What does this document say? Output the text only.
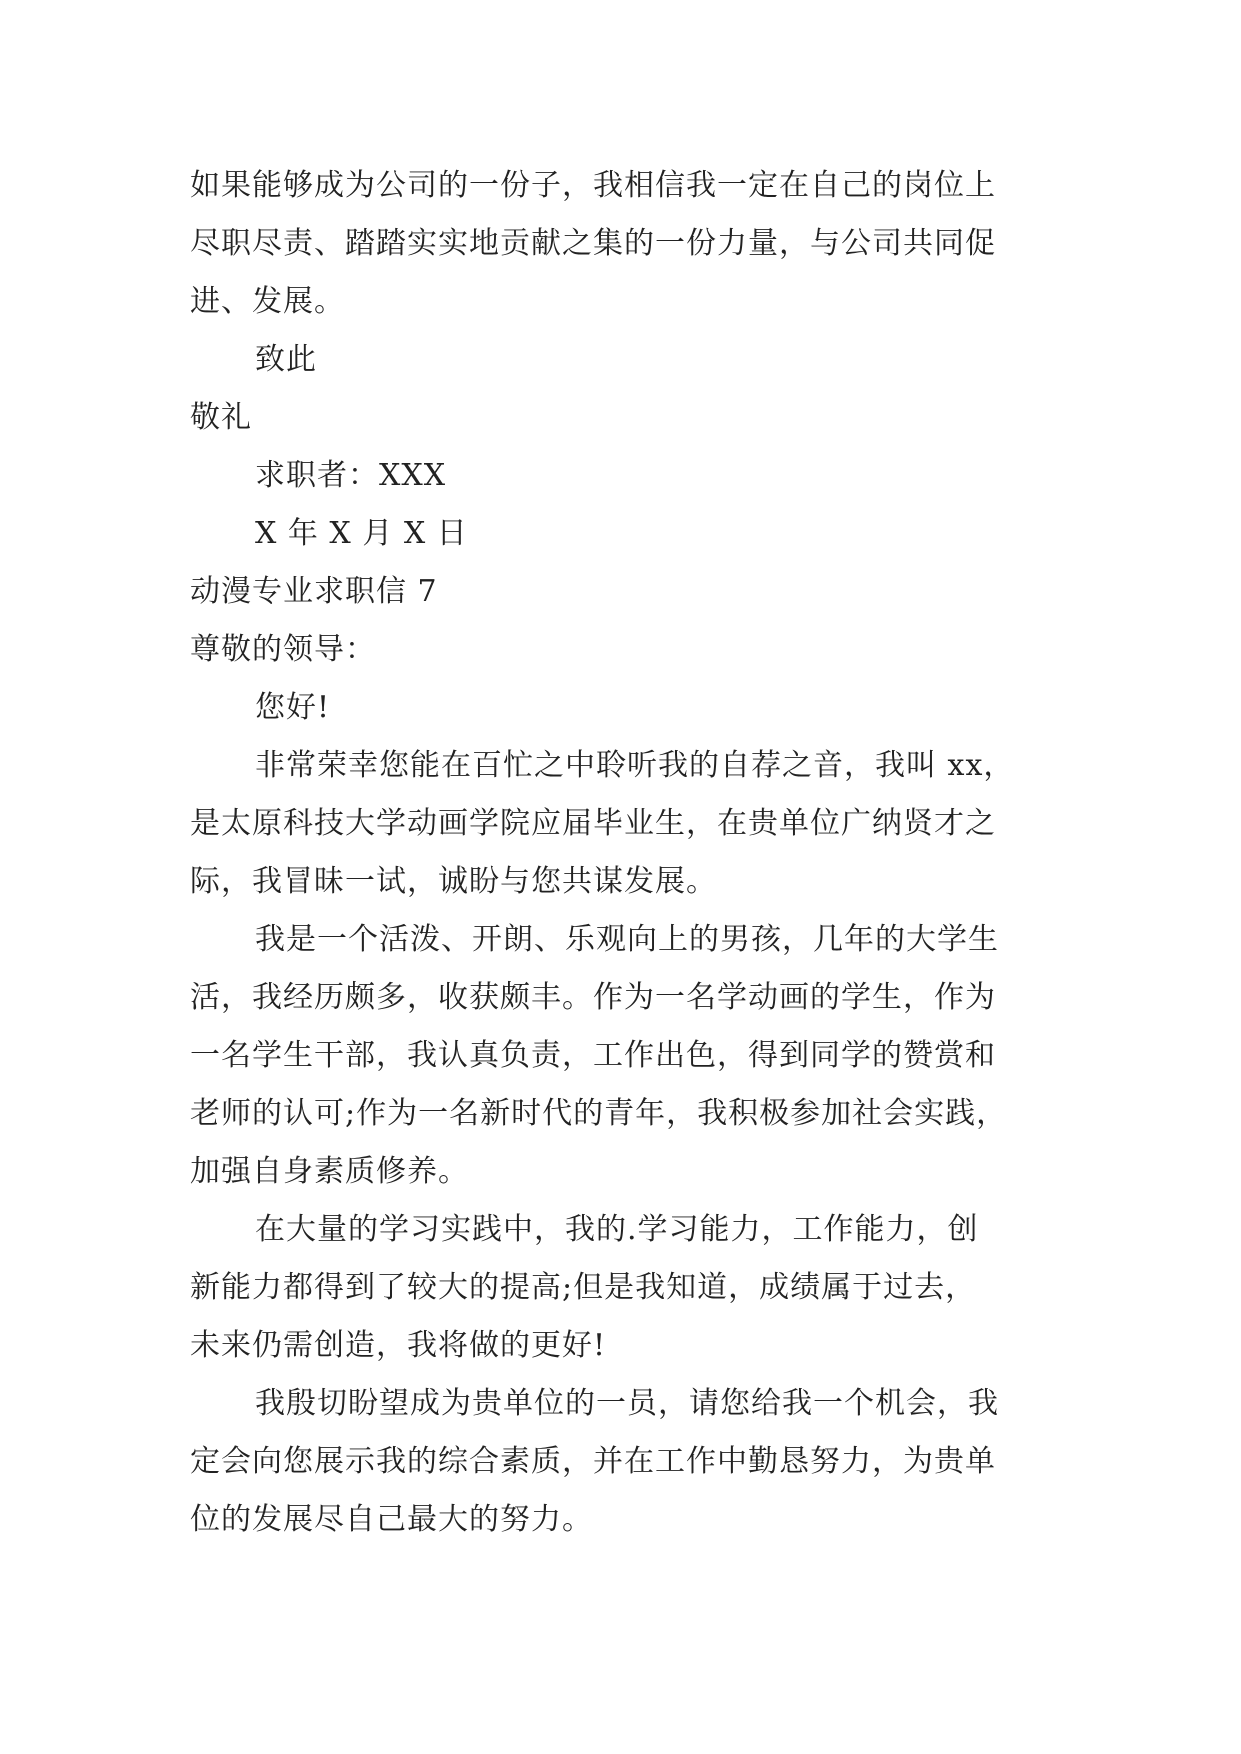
如果能够成为公司的一份子，我相信我一定在自己的岗位上
尽职尽责、踏踏实实地贡献之集的一份力量，与公司共同促
进、发展。
致此
敬礼
求职者：XXX
X 年 X 月 X 日
动漫专业求职信 7
尊敬的领导：
您好!
非常荣幸您能在百忙之中聆听我的自荐之音，我叫 xx，
是太原科技大学动画学院应届毕业生，在贵单位广纳贤才之
际，我冒昧一试，诚盼与您共谋发展。
我是一个活泼、开朗、乐观向上的男孩，几年的大学生
活，我经历颇多，收获颇丰。作为一名学动画的学生，作为
一名学生干部，我认真负责，工作出色，得到同学的赞赏和
老师的认可;作为一名新时代的青年，我积极参加社会实践，
加强自身素质修养。
在大量的学习实践中，我的.学习能力，工作能力，创
新能力都得到了较大的提高;但是我知道，成绩属于过去，
未来仍需创造，我将做的更好!
我殷切盼望成为贵单位的一员，请您给我一个机会，我
定会向您展示我的综合素质，并在工作中勤恳努力，为贵单
位的发展尽自己最大的努力。
